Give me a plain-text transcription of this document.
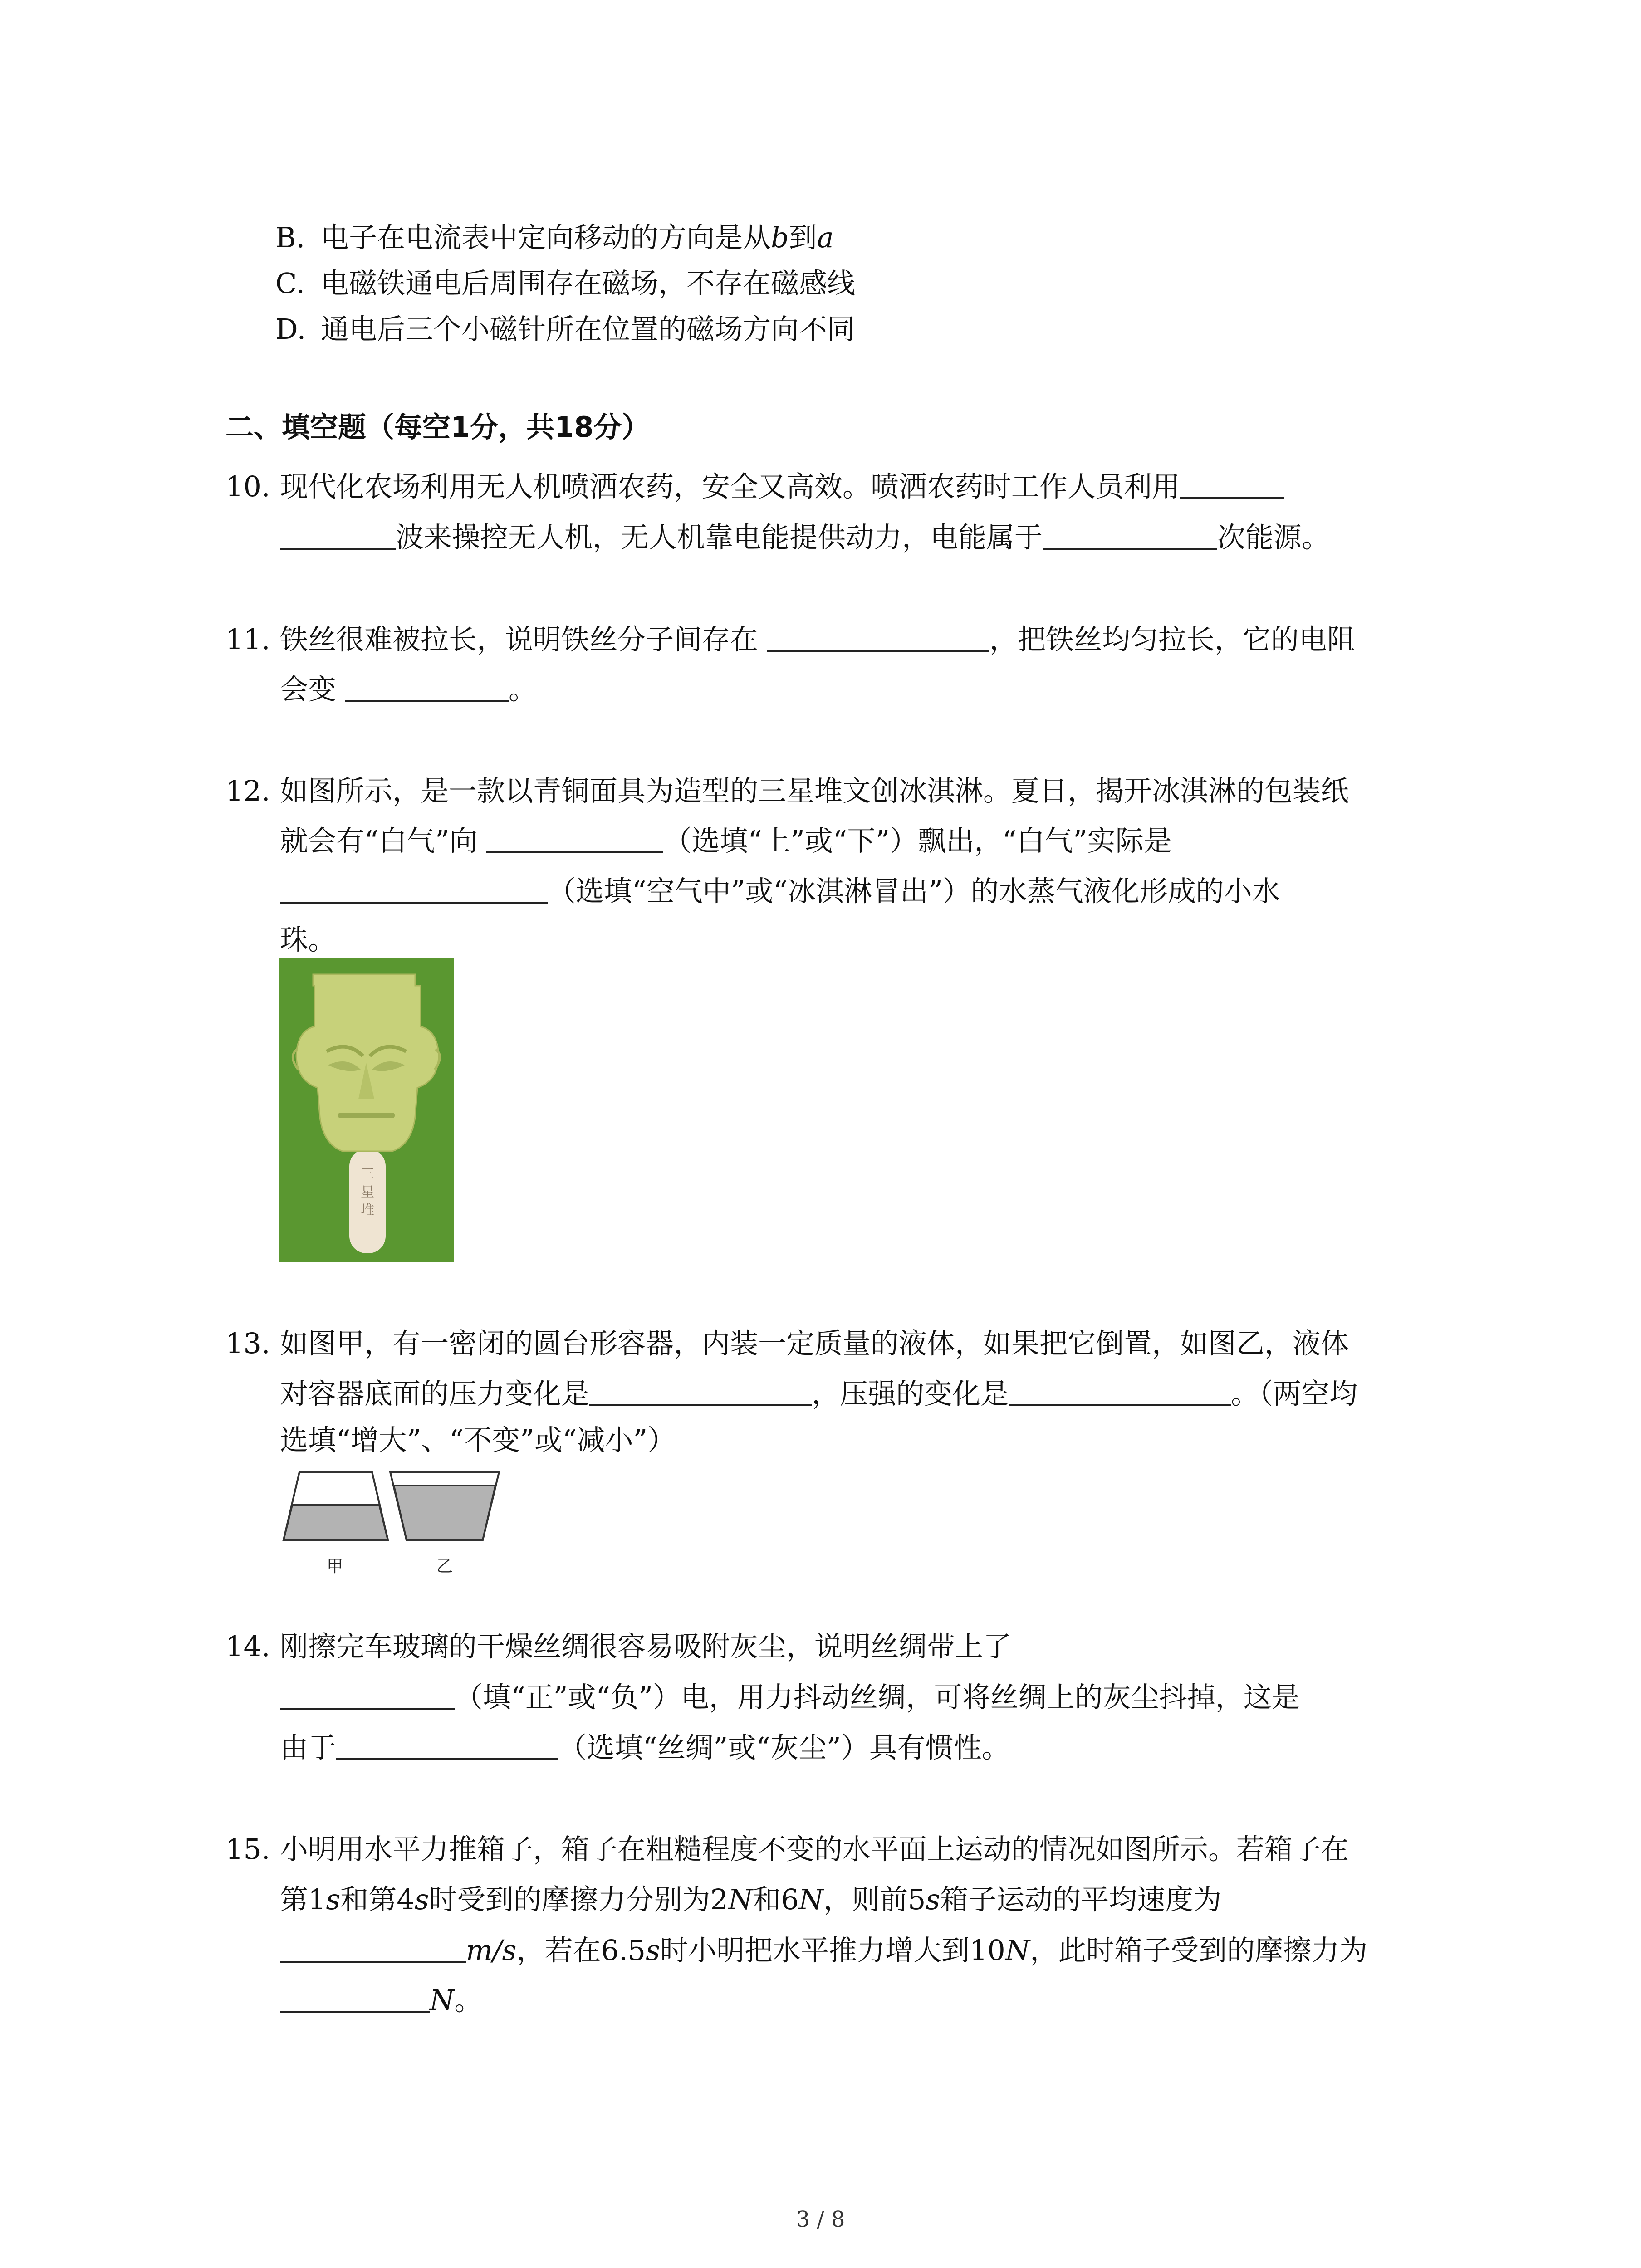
B. 电子在电流表中定向移动的方向是从b到a
C. 电磁铁通电后周围存在磁场，不存在磁感线
D. 通电后三个小磁针所在位置的磁场方向不同
二、填空题（每空1分，共18分）
10. 现代化农场利用无人机喷洒农药，安全又高效。喷洒农药时工作人员利用
波来操控无人机，无人机靠电能提供动力，电能属于	次能源。
11. 铁丝很难被拉长，说明铁丝分子间存在	，把铁丝均匀拉长，它的电阻
会变	。
12. 如图所示，是一款以青铜面具为造型的三星堆文创冰淇淋。夏日，揭开冰淇淋的包装纸
就会有“白气”向	（选填“上”或“下”）飘出，“白气”实际是
（选填“空气中”或“冰淇淋冒出”）的水蒸气液化形成的小水
珠。
三
星
堆
13. 如图甲，有一密闭的圆台形容器，内装一定质量的液体，如果把它倒置，如图乙，液体
对容器底面的压力变化是	，压强的变化是	。（两空均
选填“增大”、“不变”或“减小”）
甲	乙
14. 刚擦完车玻璃的干燥丝绸很容易吸附灰尘，说明丝绸带上了
（填“正”或“负”）电，用力抖动丝绸，可将丝绸上的灰尘抖掉，这是
由于	（选填“丝绸”或“灰尘”）具有惯性。
15. 小明用水平力推箱子，箱子在粗糙程度不变的水平面上运动的情况如图所示。若箱子在
第1s和第4s时受到的摩擦力分别为2N和6N，则前5s箱子运动的平均速度为
m/s，若在6.5s时小明把水平推力增大到10N，此时箱子受到的摩擦力为
N。
3 / 8
